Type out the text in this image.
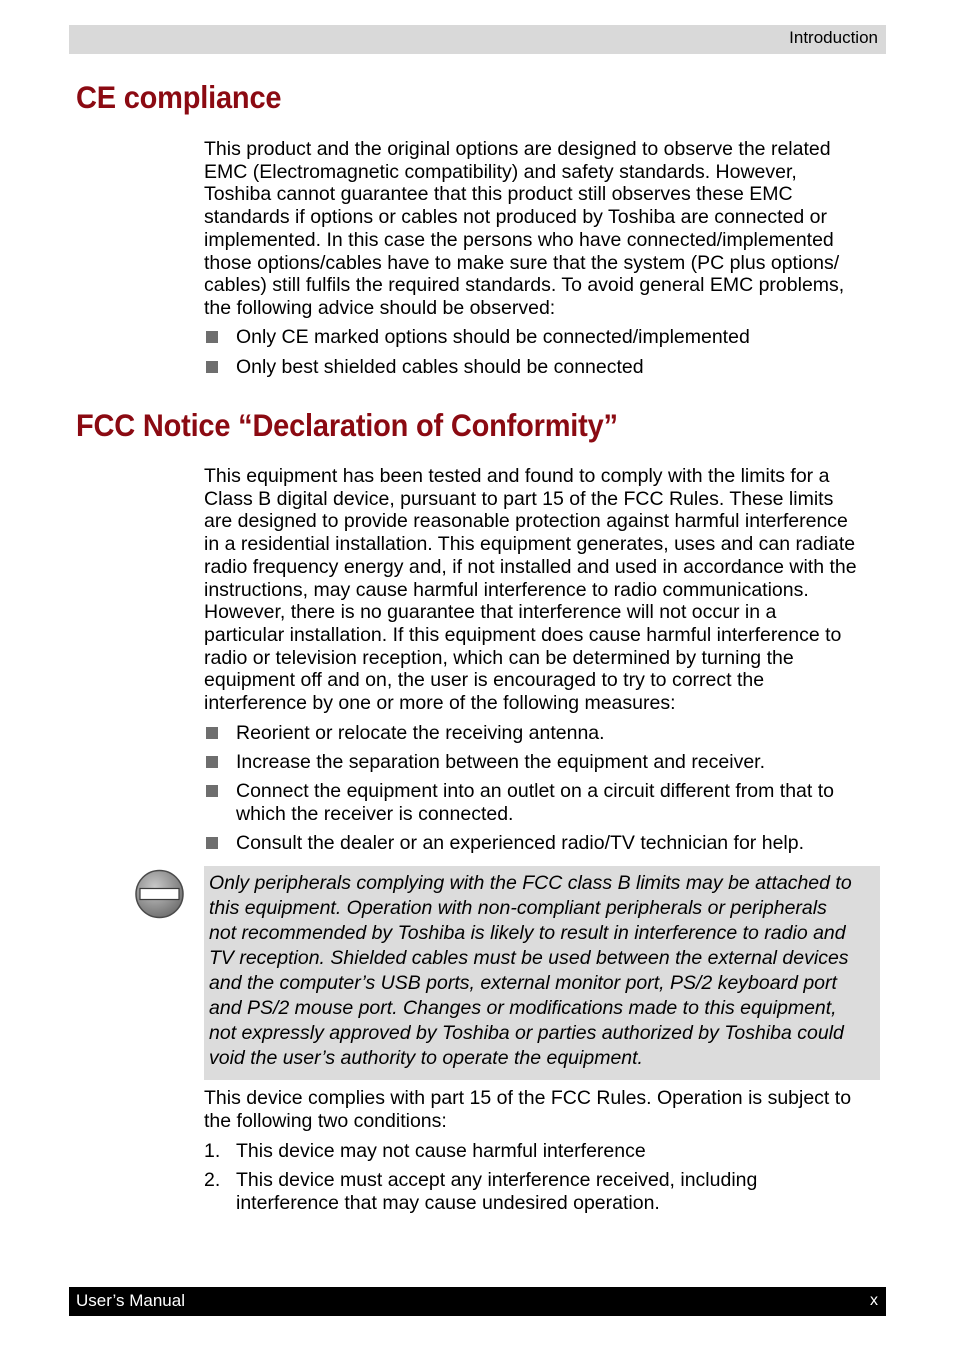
Introduction
CE compliance

This product and the original options are designed to observe the related
EMC (Electromagnetic compatibility) and safety standards. However,
Toshiba cannot guarantee that this product still observes these EMC
standards if options or cables not produced by Toshiba are connected or
implemented. In this case the persons who have connected/implemented
those options/cables have to make sure that the system (PC plus options/
cables) still fulfils the required standards. To avoid general EMC problems,
the following advice should be observed:

Only CE marked options should be connected/implemented
Only best shielded cables should be connected
FCC Notice “Declaration of Conformity”

This equipment has been tested and found to comply with the limits for a
Class B digital device, pursuant to part 15 of the FCC Rules. These limits
are designed to provide reasonable protection against harmful interference
in a residential installation. This equipment generates, uses and can radiate
radio frequency energy and, if not installed and used in accordance with the
instructions, may cause harmful interference to radio communications.
However, there is no guarantee that interference will not occur in a
particular installation. If this equipment does cause harmful interference to
radio or television reception, which can be determined by turning the
equipment off and on, the user is encouraged to try to correct the
interference by one or more of the following measures:

Reorient or relocate the receiving antenna.
Increase the separation between the equipment and receiver.
Connect the equipment into an outlet on a circuit different from that to
which the receiver is connected.
Consult the dealer or an experienced radio/TV technician for help.
Only peripherals complying with the FCC class B limits may be attached to
this equipment. Operation with non-compliant peripherals or peripherals
not recommended by Toshiba is likely to result in interference to radio and
TV reception. Shielded cables must be used between the external devices
and the computer’s USB ports, external monitor port, PS/2 keyboard port
and PS/2 mouse port. Changes or modifications made to this equipment,
not expressly approved by Toshiba or parties authorized by Toshiba could
void the user’s authority to operate the equipment.

This device complies with part 15 of the FCC Rules. Operation is subject to
the following two conditions:

1. This device may not cause harmful interference
2. This device must accept any interference received, including
interference that may cause undesired operation.
User’s Manual	x
